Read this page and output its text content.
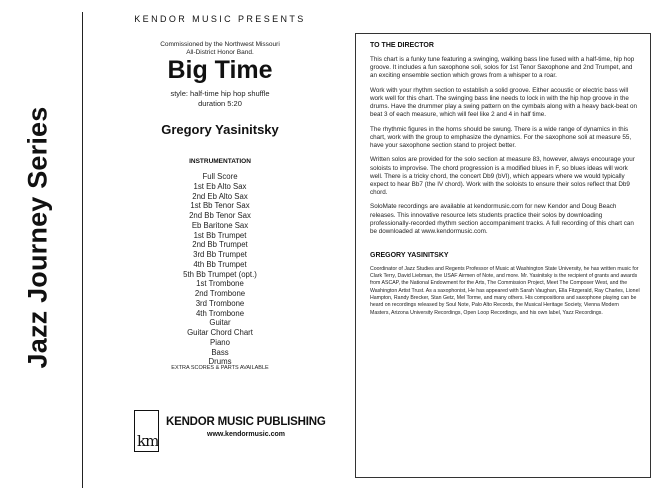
Jazz Journey Series
KENDOR MUSIC PRESENTS
Commissioned by the Northwest Missouri
All-District Honor Band.
Big Time
style: half-time hip hop shuffle
duration 5:20
Gregory Yasinitsky
INSTRUMENTATION
Full Score
1st Eb Alto Sax
2nd Eb Alto Sax
1st Bb Tenor Sax
2nd Bb Tenor Sax
Eb Baritone Sax
1st Bb Trumpet
2nd Bb Trumpet
3rd Bb Trumpet
4th Bb Trumpet
5th Bb Trumpet (opt.)
1st Trombone
2nd Trombone
3rd Trombone
4th Trombone
Guitar
Guitar Chord Chart
Piano
Bass
Drums
EXTRA SCORES & PARTS AVAILABLE
km
KENDOR MUSIC PUBLISHING
www.kendormusic.com
TO THE DIRECTOR

This chart is a funky tune featuring a swinging, walking bass line fused with a half-time, hip hop groove. It includes a fun saxophone soli, solos for 1st Tenor Saxophone and 2nd Trumpet, and an exciting ensemble section which grows from a whisper to a roar.

Work with your rhythm section to establish a solid groove. Either acoustic or electric bass will work well for this chart. The swinging bass line needs to lock in with the hip hop groove in the drums. Have the drummer play a swing pattern on the cymbals along with a heavy back-beat on beat 3 of each measure, which will feel like 2 and 4 in half time.

The rhythmic figures in the horns should be swung. There is a wide range of dynamics in this chart, work with the group to emphasize the dynamics. For the saxophone soli at measure 55, have your saxophone section stand to project better.

Written solos are provided for the solo section at measure 83, however, always encourage your soloists to improvise. The chord progression is a modified blues in F, so blues ideas will work well. There is a tricky chord, the concert Db9 (bVI), which appears where we would typically expect to hear Bb7 (the IV chord). Work with the soloists to ensure their solos reflect that Db9 chord.

SoloMate recordings are available at kendormusic.com for new Kendor and Doug Beach releases. This innovative resource lets students practice their solos by downloading professionally-recorded rhythm section accompaniment tracks. A full recording of this chart can be downloaded at www.kendormusic.com.

GREGORY YASINITSKY

Coordinator of Jazz Studies and Regents Professor of Music at Washington State University, he has written music for Clark Terry, David Liebman, the USAF Airmen of Note, and more. Mr. Yasinitsky is the recipient of grants and awards from ASCAP, the National Endowment for the Arts, The Commission Project, Meet The Composer West, and the Washington Artist Trust. As a saxophonist, He has appeared with Sarah Vaughan, Ella Fitzgerald, Ray Charles, Lionel Hampton, Randy Brecker, Stan Getz, Mel Torme, and many others. His compositions and saxophone playing can be heard on recordings released by Soul Note, Palo Alto Records, the Musical Heritage Society, Vienna Modern Masters, Arizona University Recordings, Open Loop Recordings, and his own label, Yazz Recordings.
